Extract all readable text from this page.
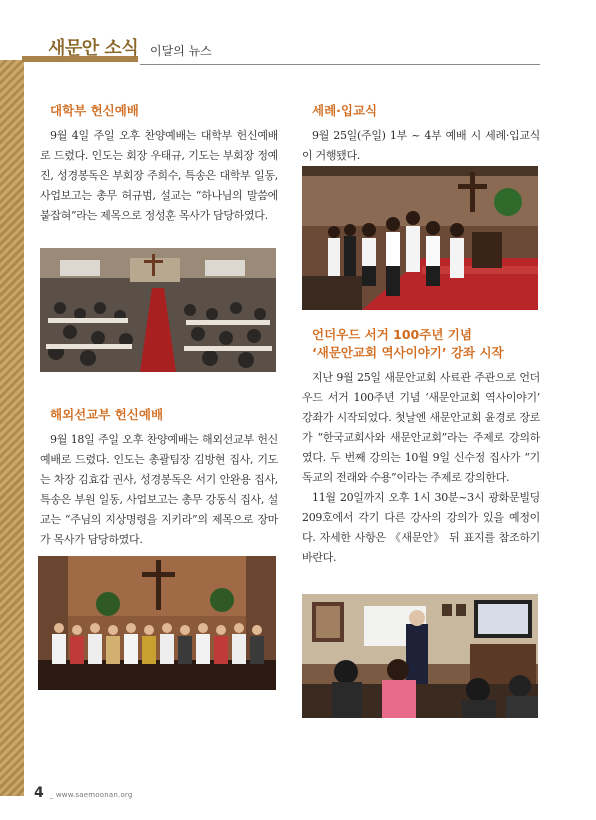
새문안 소식 이달의 뉴스
대학부 헌신예배

9월 4일 주일 오후 찬양예배는 대학부 헌신예배로 드렸다. 인도는 회장 우태규, 기도는 부회장 정예진, 성경봉독은 부회장 주희수, 특송은 대학부 일동, 사업보고는 총무 허규범, 설교는 “하나님의 말씀에 붙잡혀”라는 제목으로 정성훈 목사가 담당하였다.

해외선교부 헌신예배

9월 18일 주일 오후 찬양예배는 해외선교부 헌신예배로 드렸다. 인도는 총괄팀장 김방현 집사, 기도는 차장 김효갑 권사, 성경봉독은 서기 안완용 집사, 특송은 부원 일동, 사업보고는 총무 강동식 집사, 설교는 “주님의 지상명령을 지키라”의 제목으로 장마가 목사가 담당하였다.

세례·입교식

9월 25일(주일) 1부 ~ 4부 예배 시 세례·입교식이 거행됐다.

언더우드 서거 100주년 기념
‘새문안교회 역사이야기’ 강좌 시작

지난 9월 25일 새문안교회 사료관 주관으로 언더우드 서거 100주년 기념 ‘새문안교회 역사이야기’ 강좌가 시작되었다. 첫날엔 새문안교회 윤경로 장로가 “한국교회사와 새문안교회”라는 주제로 강의하였다. 두 번째 강의는 10월 9일 신수정 집사가 “기독교의 전래와 수용”이라는 주제로 강의한다.

11월 20일까지 오후 1시 30분~3시 광화문빌딩 209호에서 각기 다른 강사의 강의가 있을 예정이다. 자세한 사항은 《새문안》 뒤 표지를 참조하기 바란다.

4 _ www.saemoonan.org
